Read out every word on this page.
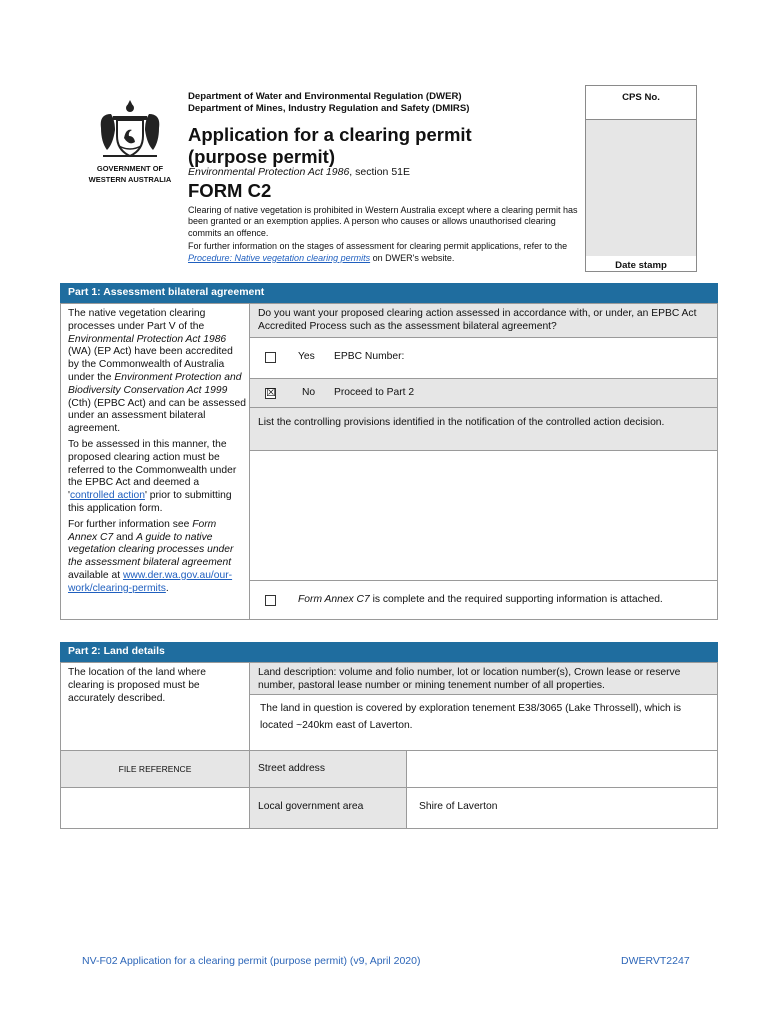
GOVERNMENT OF
WESTERN AUSTRALIA
Department of Water and Environmental Regulation (DWER)
Department of Mines, Industry Regulation and Safety (DMIRS)
Application for a clearing permit
(purpose permit)
Environmental Protection Act 1986, section 51E
FORM C2

Clearing of native vegetation is prohibited in Western Australia except where a clearing permit has been granted or an exemption applies. A person who causes or allows unauthorised clearing commits an offence.

For further information on the stages of assessment for clearing permit applications, refer to the Procedure: Native vegetation clearing permits on DWER's website.

CPS No.
Date stamp
Part 1: Assessment bilateral agreement
The native vegetation clearing processes under Part V of the Environmental Protection Act 1986 (WA) (EP Act) have been accredited by the Commonwealth of Australia under the Environment Protection and Biodiversity Conservation Act 1999 (Cth) (EPBC Act) and can be assessed under an assessment bilateral agreement.
To be assessed in this manner, the proposed clearing action must be referred to the Commonwealth under the EPBC Act and deemed a 'controlled action' prior to submitting this application form.
For further information see Form Annex C7 and A guide to native vegetation clearing processes under the assessment bilateral agreement available at www.der.wa.gov.au/our-work/clearing-permits.
Do you want your proposed clearing action assessed in accordance with, or under, an EPBC Act Accredited Process such as the assessment bilateral agreement?
Yes EPBC Number:
☒	No Proceed to Part 2
List the controlling provisions identified in the notification of the controlled action decision.
Form Annex C7 is complete and the required supporting information is attached.
Part 2: Land details
The location of the land where clearing is proposed must be accurately described.
Land description: volume and folio number, lot or location number(s), Crown lease or reserve number, pastoral lease number or mining tenement number of all properties.
The land in question is covered by exploration tenement E38/3065 (Lake Throssell), which is located ~240km east of Laverton.
FILE REFERENCE	Street address
Local government area	Shire of Laverton
NV-F02 Application for a clearing permit (purpose permit) (v9, April 2020)	DWERVT2247
